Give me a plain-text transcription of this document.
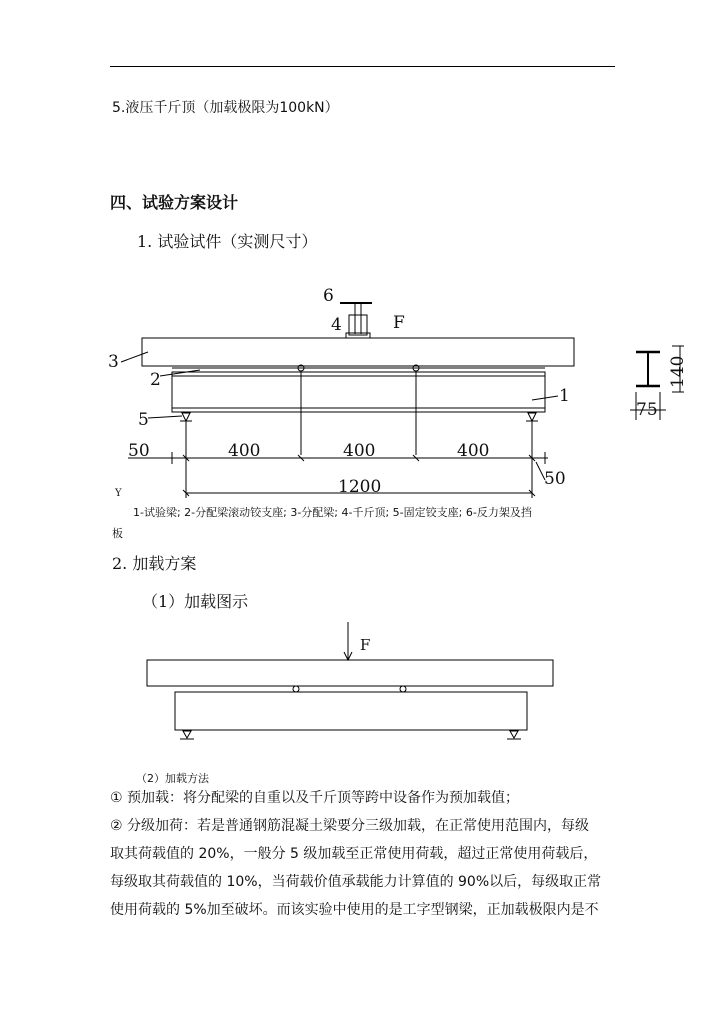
5.液压千斤顶（加载极限为100kN）
四、试验方案设计
1. 试验试件（实测尺寸）
6
4	F
3
2
1
5
50	400	400	400
50
1200
Y
75
140
1-试验梁; 2-分配梁滚动铰支座; 3-分配梁; 4-千斤顶; 5-固定铰支座; 6-反力架及挡
板
2. 加载方案
（1）加载图示
F
（2）加载方法
① 预加载：将分配梁的自重以及千斤顶等跨中设备作为预加载值；
② 分级加荷：若是普通钢筋混凝土梁要分三级加载，在正常使用范围内，每级
取其荷载值的 20%，一般分 5 级加载至正常使用荷载，超过正常使用荷载后，
每级取其荷载值的 10%，当荷载价值承载能力计算值的 90%以后，每级取正常
使用荷载的 5%加至破坏。而该实验中使用的是工字型钢梁，正加载极限内是不
